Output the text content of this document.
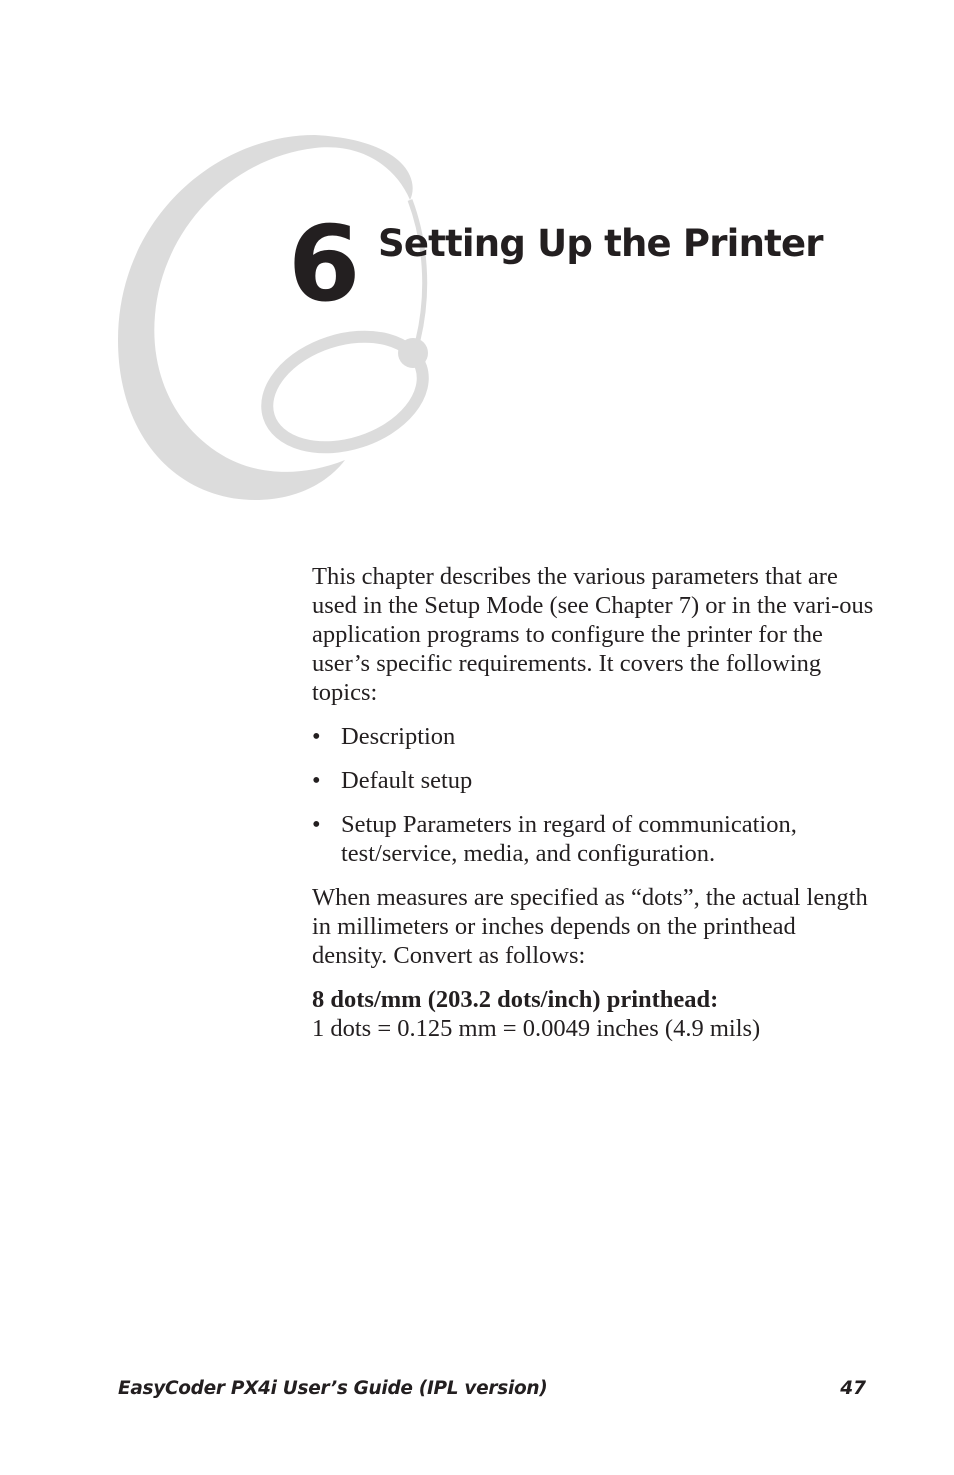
6 Setting Up the Printer

This chapter describes the various parameters that are used in the Setup Mode (see Chapter 7) or in the vari-ous application programs to configure the printer for the user’s specific requirements. It covers the following topics:

• Description
• Default setup
• Setup Parameters in regard of communication, test/service, media, and configuration.

When measures are specified as “dots”, the actual length in millimeters or inches depends on the printhead density. Convert as follows:

8 dots/mm (203.2 dots/inch) printhead:
1 dots = 0.125 mm = 0.0049 inches (4.9 mils)

EasyCoder PX4i User’s Guide (IPL version)	47
